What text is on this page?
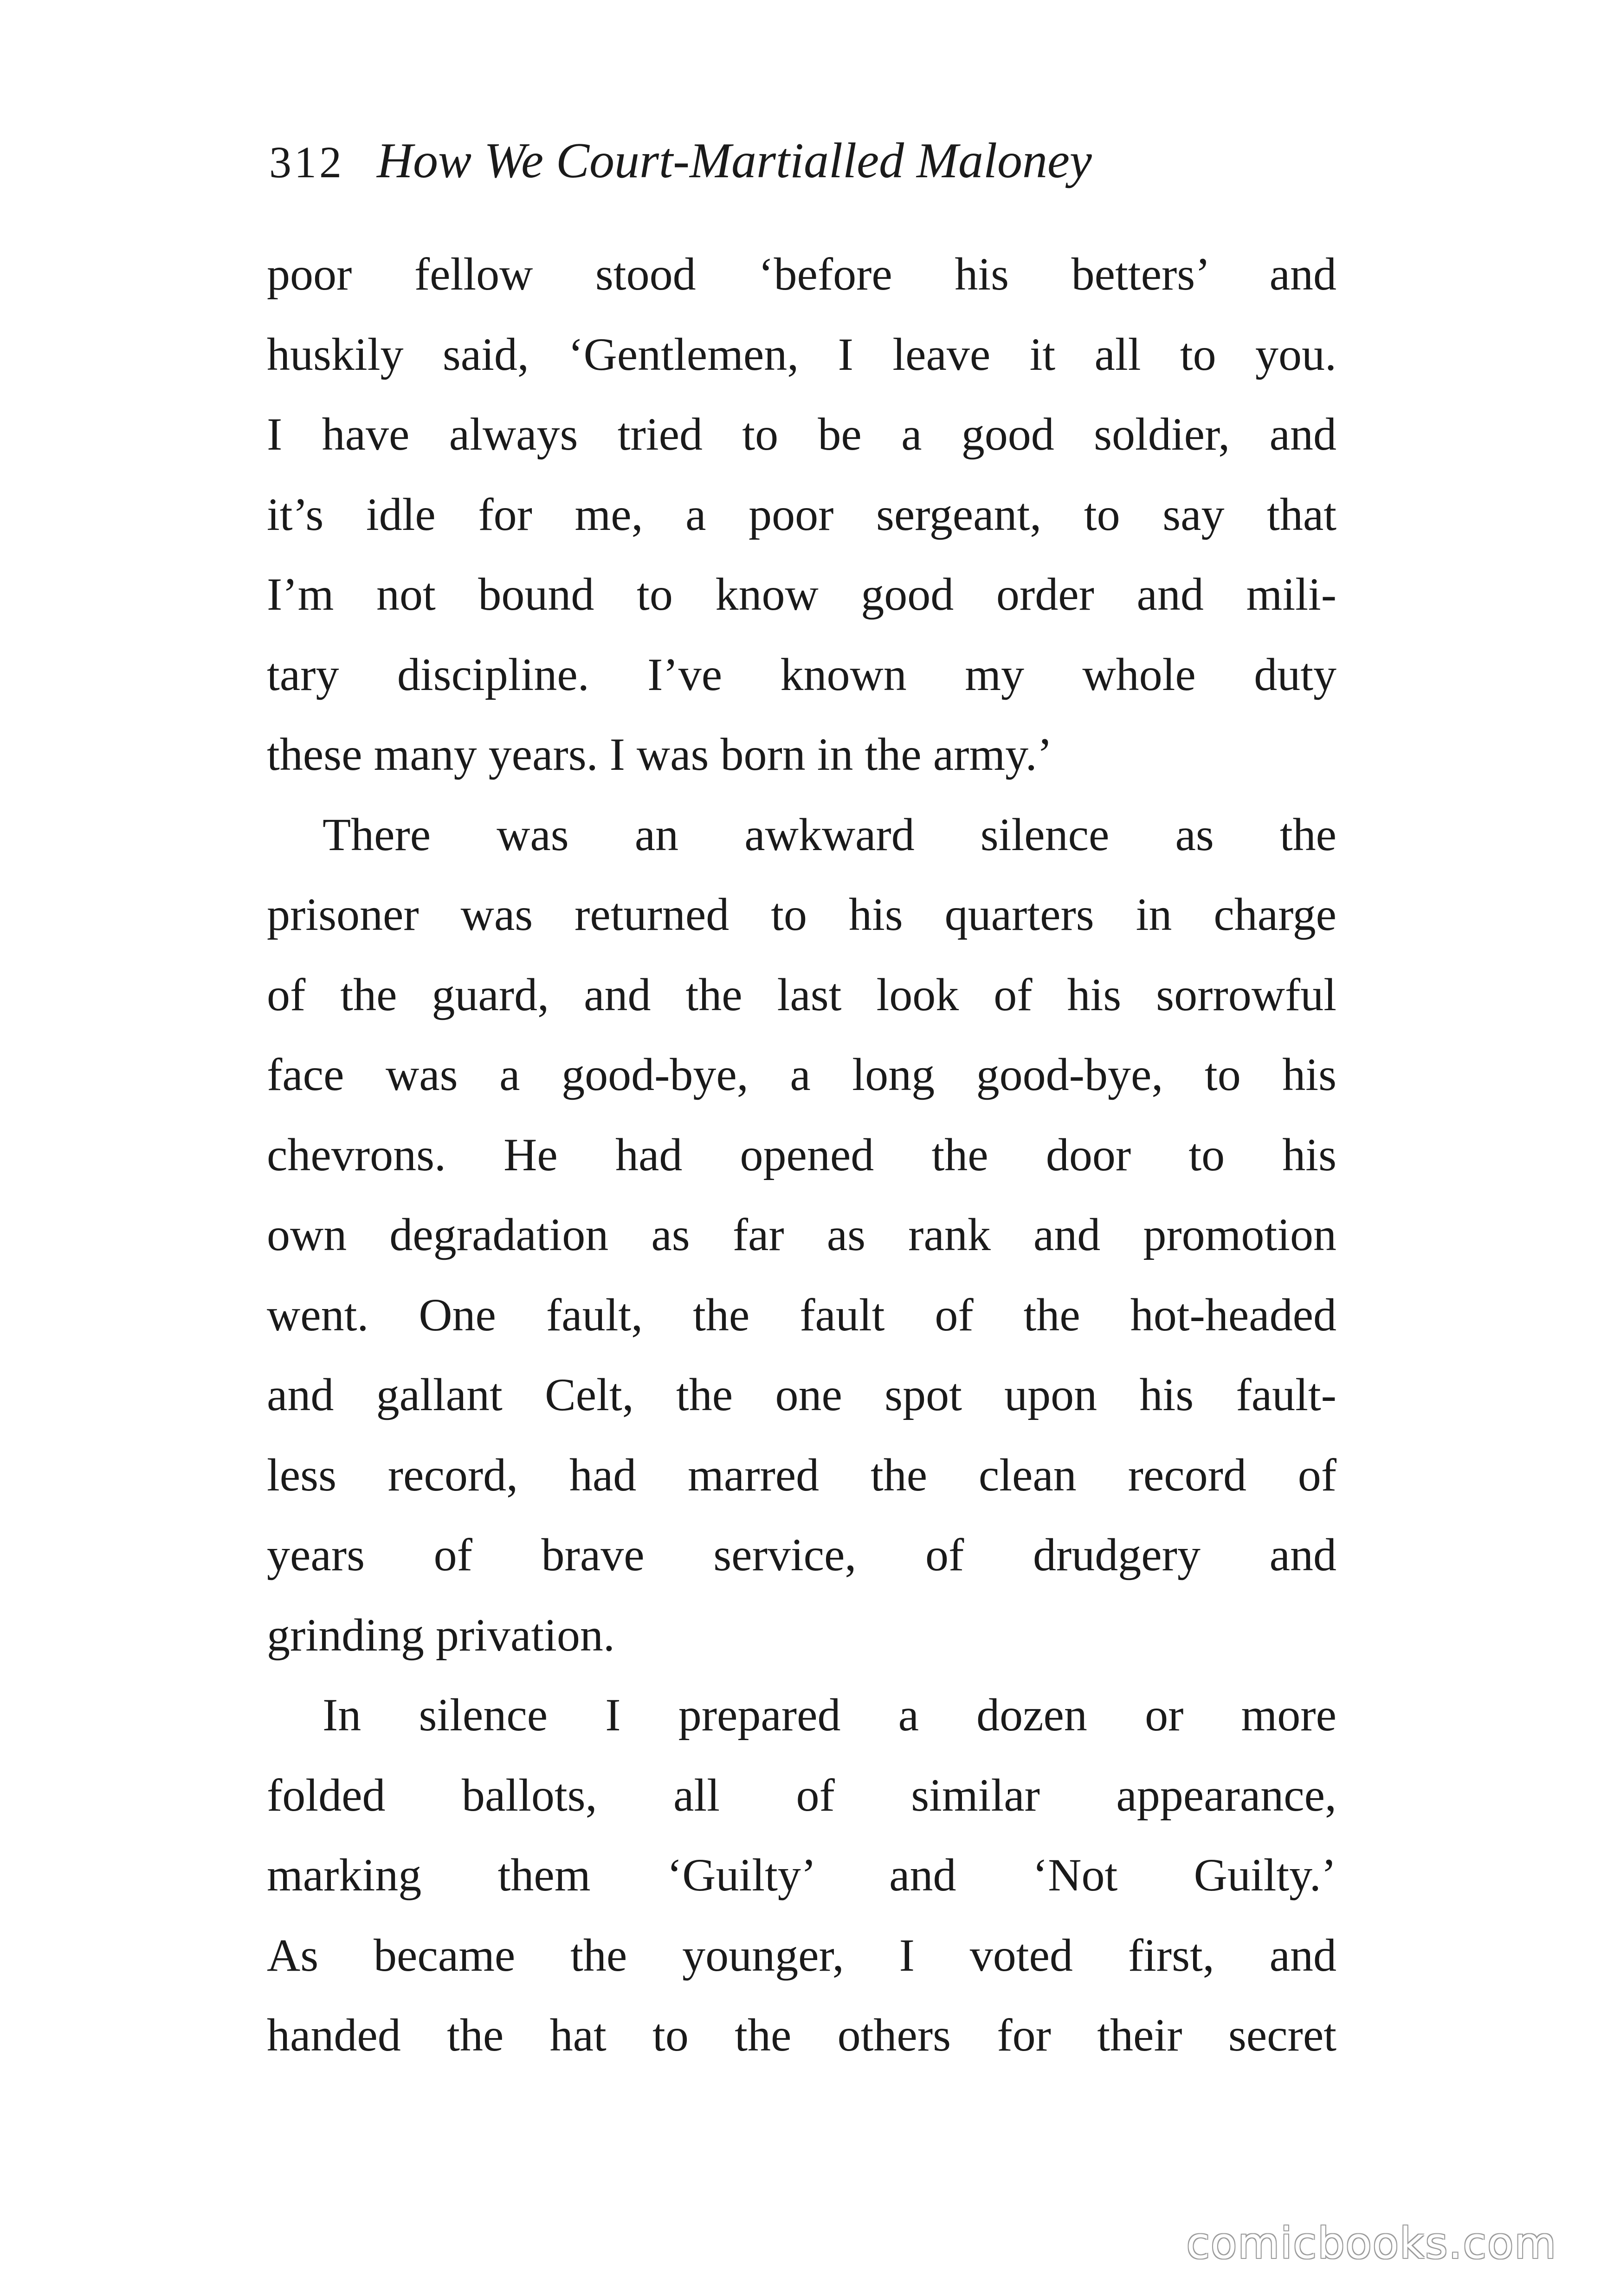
312 How We Court-Martialled Maloney
poor fellow stood ‘before his betters’ and
huskily said, ‘Gentlemen, I leave it all to you.
I have always tried to be a good soldier, and
it’s idle for me, a poor sergeant, to say that
I’m not bound to know good order and mili-
tary discipline. I’ve known my whole duty
these many years. I was born in the army.’
There was an awkward silence as the
prisoner was returned to his quarters in charge
of the guard, and the last look of his sorrowful
face was a good-bye, a long good-bye, to his
chevrons. He had opened the door to his
own degradation as far as rank and promotion
went. One fault, the fault of the hot-headed
and gallant Celt, the one spot upon his fault-
less record, had marred the clean record of
years of brave service, of drudgery and
grinding privation.
In silence I prepared a dozen or more
folded ballots, all of similar appearance,
marking them ‘Guilty’ and ‘Not Guilty.’
As became the younger, I voted first, and
handed the hat to the others for their secret
comicbooks.com
